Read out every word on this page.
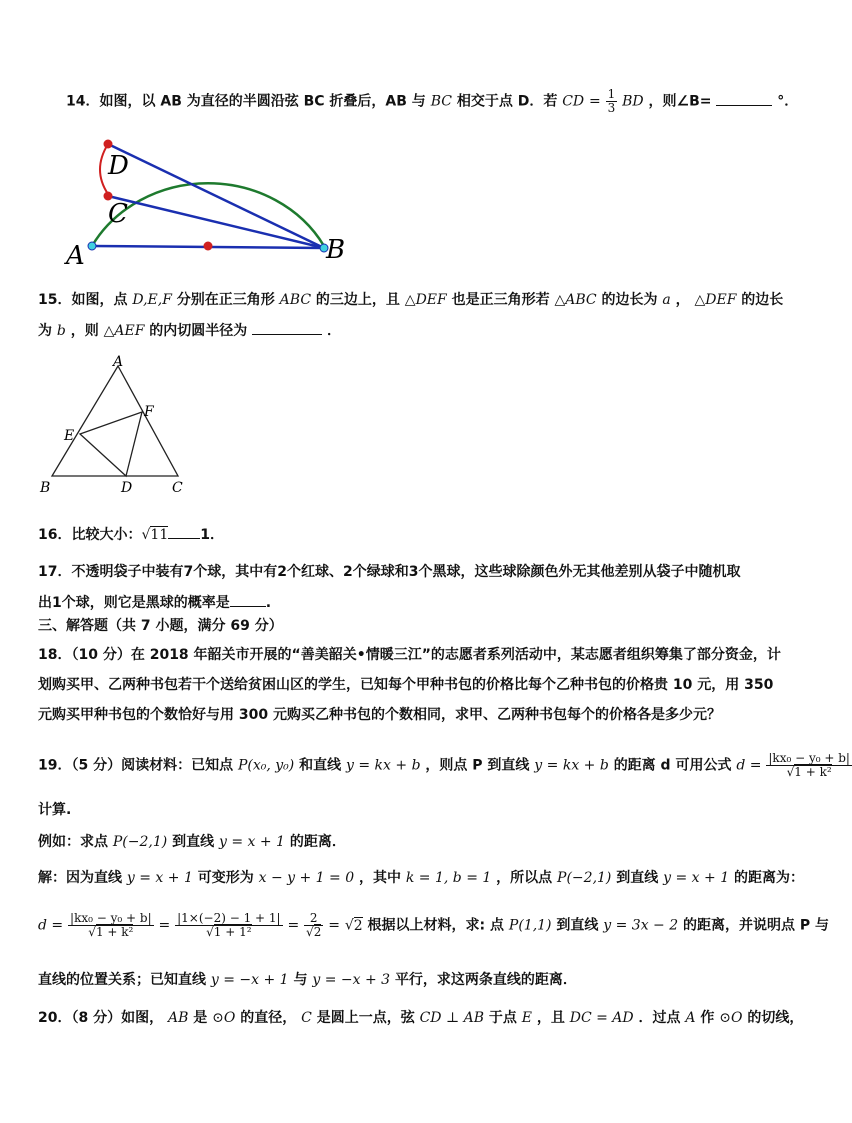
14．如图，以 AB 为直径的半圆沿弦 BC 折叠后，AB 与 BC 相交于点 D．若 CD = $\frac{1}{3}$ BD ，则∠B=	°．
A	B
C
D
15．如图，点 D,E,F 分别在正三角形 ABC 的三边上，且 △DEF 也是正三角形若 △ABC 的边长为 a ， △DEF 的边长
为 b ，则 △AEF 的内切圆半径为	．
A
B	C
D
E
F
16．比较大小：√11 1．
17．不透明袋子中装有7个球，其中有2个红球、2个绿球和3个黑球，这些球除颜色外无其他差别从袋子中随机取
出1个球，则它是黑球的概率是	.
三、解答题（共 7 小题，满分 69 分）
18．（10 分）在 2018 年韶关市开展的“善美韶关•情暖三江”的志愿者系列活动中，某志愿者组织筹集了部分资金，计
划购买甲、乙两种书包若干个送给贫困山区的学生，已知每个甲种书包的价格比每个乙种书包的价格贵 10 元，用 350
元购买甲种书包的个数恰好与用 300 元购买乙种书包的个数相同，求甲、乙两种书包每个的价格各是多少元？
19．（5 分）阅读材料：已知点 P(x₀, y₀) 和直线 y = kx + b ，则点 P 到直线 y = kx + b 的距离 d 可用公式 $d = \frac{\text{|kx₀ − y₀ + b|}}{\text{√1 + k²}}$
计算.
例如：求点 P(−2,1) 到直线 y = x + 1 的距离．
解：因为直线 y = x + 1 可变形为 x − y + 1 = 0 ，其中 k = 1, b = 1 ，所以点 P(−2,1) 到直线 y = x + 1 的距离为：
$d = \frac{\text{|kx₀ − y₀ + b|}}{\text{√1 + k²}} = \frac{|1\times(-2) - 1 + 1|}{\text{√1 + 1²}} = \frac{2}{√2} = √2$ 根据以上材料，求: 点 P(1,1) 到直线 y = 3x − 2 的距离，并说明点 P 与
直线的位置关系；已知直线 y = −x + 1 与 y = −x + 3 平行，求这两条直线的距离．
20．（8 分）如图， AB 是 ⊙O 的直径， C 是圆上一点，弦 CD ⊥ AB 于点 E ，且 DC = AD ．过点 A 作 ⊙O 的切线，
